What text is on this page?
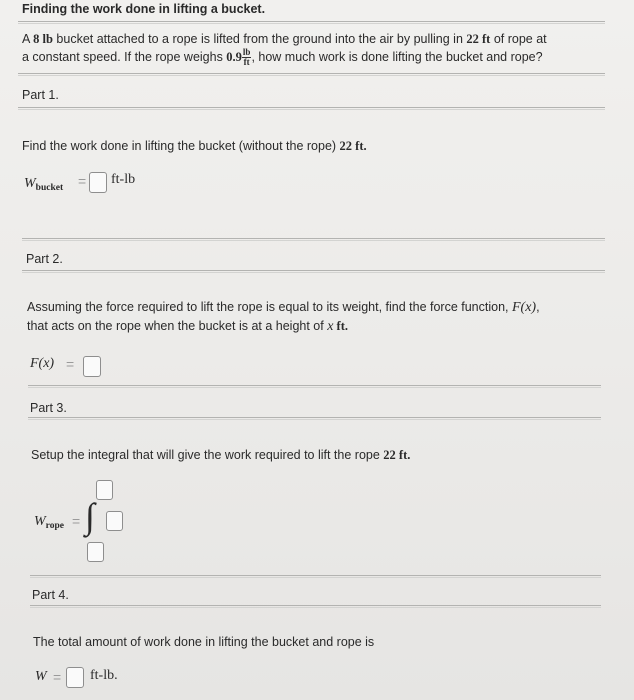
Finding the work done in lifting a bucket.
A 8 lb bucket attached to a rope is lifted from the ground into the air by pulling in 22 ft of rope at
a constant speed. If the rope weighs $0.9 \frac{lb}{ft}$ , how much work is done lifting the bucket and rope?
Part 1.
Find the work done in lifting the bucket (without the rope) 22 ft.
$W_{bucket} = ft-lb$
Part 2.
Assuming the force required to lift the rope is equal to its weight, find the force function, F(x),
that acts on the rope when the bucket is at a height of x ft.
F(x) =
Part 3.
Setup the integral that will give the work required to lift the rope 22 ft.
$W_{rope}$ = ∫
Part 4.
The total amount of work done in lifting the bucket and rope is
W = ft-lb.
